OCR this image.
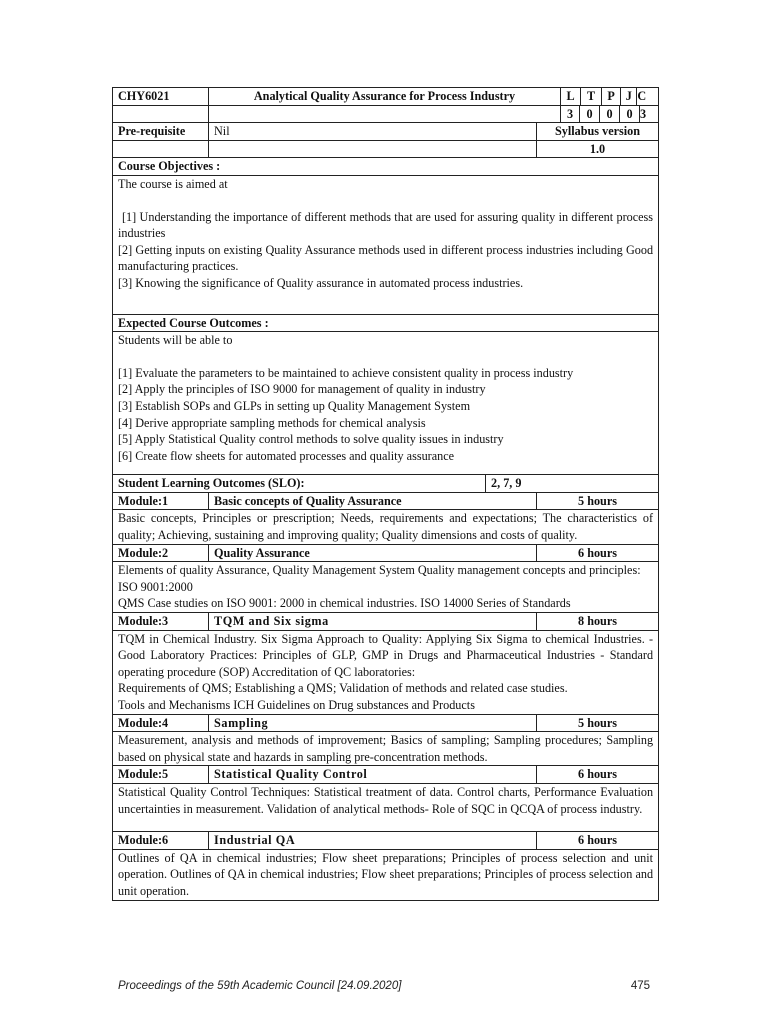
CHY6021	Analytical Quality Assurance for Process Industry		L	T	P	J	C

3	0	0	0	3

Pre-requisite	Nil	Syllabus version
		1.0
Course Objectives :

The course is aimed at
[1] Understanding the importance of different methods that are used for assuring quality in different process industries
[2] Getting inputs on existing Quality Assurance methods used in different process industries including Good manufacturing practices.
[3] Knowing the significance of Quality assurance in automated process industries.

Expected Course Outcomes :

Students will be able to
[1] Evaluate the parameters to be maintained to achieve consistent quality in process industry
[2] Apply the principles of ISO 9000 for management of quality in industry
[3] Establish SOPs and GLPs in setting up Quality Management System
[4] Derive appropriate sampling methods for chemical analysis
[5] Apply Statistical Quality control methods to solve quality issues in industry
[6] Create flow sheets for automated processes and quality assurance

Student Learning Outcomes (SLO):	2, 7, 9
Module:1	Basic concepts of Quality Assurance	5 hours
Basic concepts, Principles or prescription; Needs, requirements and expectations; The characteristics of quality; Achieving, sustaining and improving quality; Quality dimensions and costs of quality.
Module:2	Quality Assurance	6 hours

Elements of quality Assurance, Quality Management System Quality management concepts and principles: ISO 9001:2000
QMS Case studies on ISO 9001: 2000 in chemical industries. ISO 14000 Series of Standards

Module:3	TQM and Six sigma	8 hours

TQM in Chemical Industry. Six Sigma Approach to Quality: Applying Six Sigma to chemical Industries. - Good Laboratory Practices: Principles of GLP, GMP in Drugs and Pharmaceutical Industries - Standard operating procedure (SOP) Accreditation of QC laboratories:
Requirements of QMS; Establishing a QMS; Validation of methods and related case studies.
Tools and Mechanisms ICH Guidelines on Drug substances and Products

Module:4	Sampling	5 hours
Measurement, analysis and methods of improvement; Basics of sampling; Sampling procedures; Sampling based on physical state and hazards in sampling pre-concentration methods.
Module:5	Statistical Quality Control	6 hours

Statistical Quality Control Techniques: Statistical treatment of data. Control charts, Performance Evaluation uncertainties in measurement. Validation of analytical methods- Role of SQC in QCQA of process industry.

Module:6	Industrial QA	6 hours
Outlines of QA in chemical industries; Flow sheet preparations; Principles of process selection and unit operation. Outlines of QA in chemical industries; Flow sheet preparations; Principles of process selection and unit operation.
Proceedings of the 59th Academic Council [24.09.2020]	475
